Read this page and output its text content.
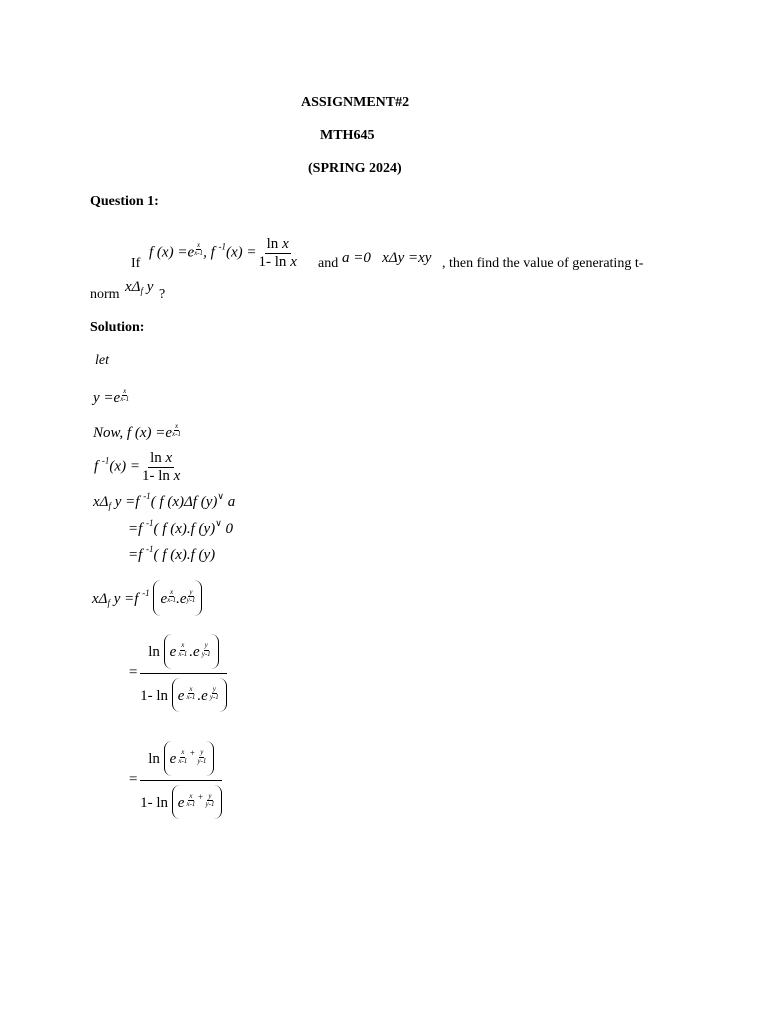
ASSIGNMENT#2
MTH645
(SPRING 2024)
Question 1:
If
f (x) =e $^{\frac{x}{x-1}}$ , f $^{-1}(x) = \frac{\text{ln x}}{\text{1- ln x}}$ and a =0   xΔy =xy , then find the value of generating t-
norm $x\Delta_f$ y ?
Solution:
let
y =e $^{\frac{x}{x-1}}$
Now, f (x) =e $^{\frac{x}{x-1}}$
f $^{-1}(x) = \frac{\text{ln x}}{\text{1- ln x}}$
$x\Delta_f$ y =f $^{-1}$( f (x)Δf (y)∨ a
=f $^{-1}$( f (x).f (y)∨ 0
=f $^{-1}$( f (x).f (y)
$x\Delta_f$ y =f $^{-1}$ e $^{\frac{x}{x-1}}$ .e $^{\frac{y}{y-1}}$
= ln e $^{\frac{x}{x-1}}$ .e $^{\frac{y}{y-1}}$
1- ln e $^{\frac{x}{x-1}}$ .e $^{\frac{y}{y-1}}$
= ln e $^{\frac{x}{x-1} + \frac{y}{y-1}}$
1- ln e $^{\frac{x}{x-1} + \frac{y}{y-1}}$
